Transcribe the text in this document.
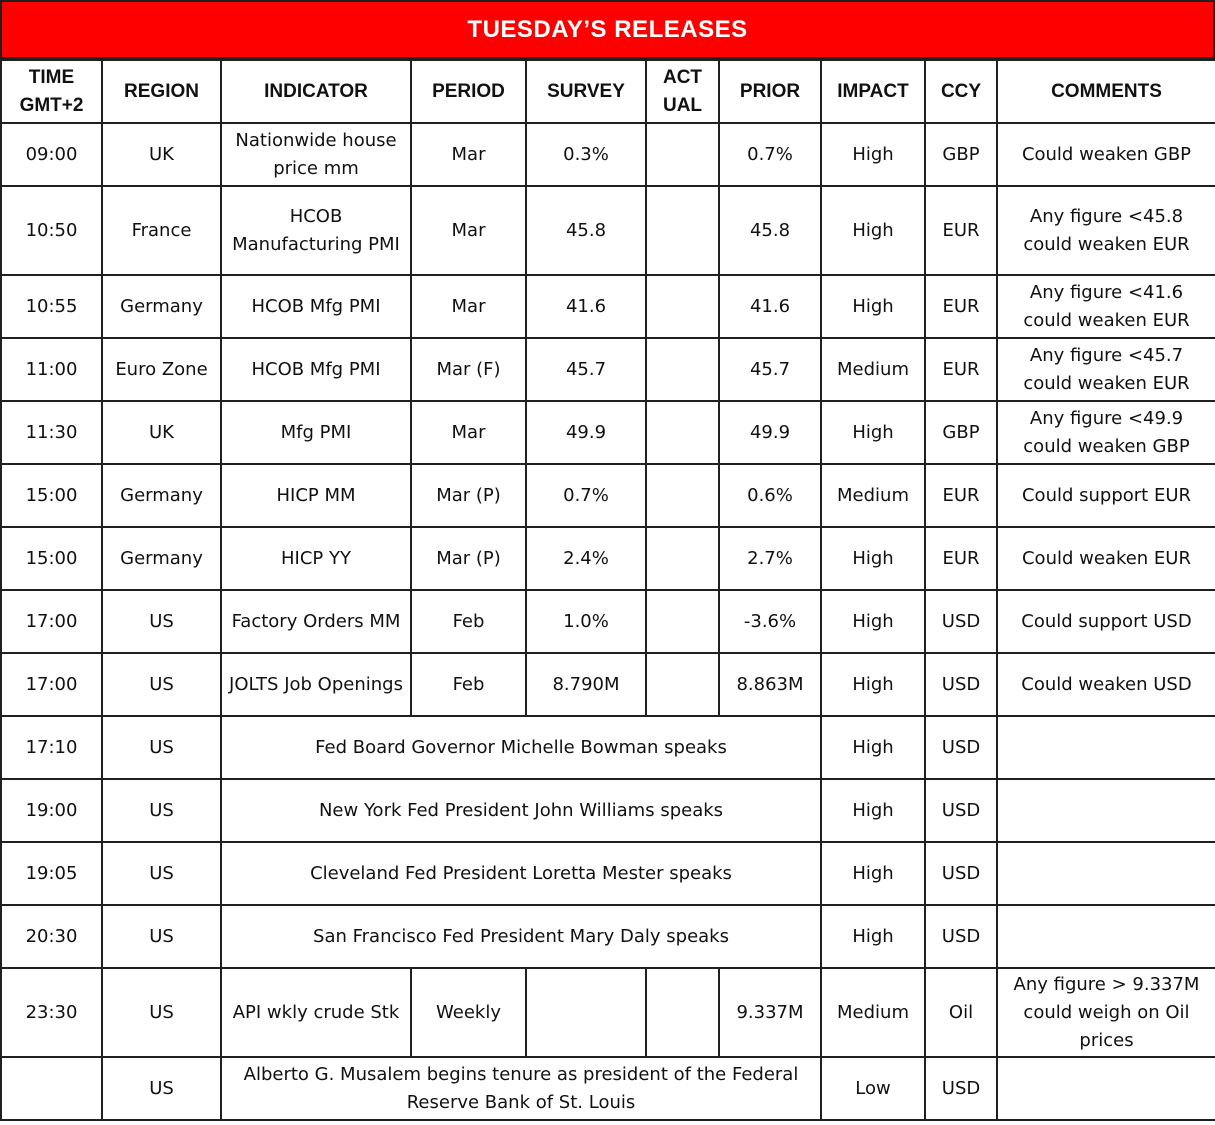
TUESDAY’S RELEASES
TIME GMT+2	REGION	INDICATOR	PERIOD	SURVEY	ACT UAL	PRIOR	IMPACT	CCY	COMMENTS
09:00	UK	Nationwide house price mm	Mar	0.3%		0.7%	High	GBP	Could weaken GBP
10:50	France	HCOB Manufacturing PMI	Mar	45.8		45.8	High	EUR	Any figure <45.8 could weaken EUR
10:55	Germany	HCOB Mfg PMI	Mar	41.6		41.6	High	EUR	Any figure <41.6 could weaken EUR
11:00	Euro Zone	HCOB Mfg PMI	Mar (F)	45.7		45.7	Medium	EUR	Any figure <45.7 could weaken EUR
11:30	UK	Mfg PMI	Mar	49.9		49.9	High	GBP	Any figure <49.9 could weaken GBP
15:00	Germany	HICP MM	Mar (P)	0.7%		0.6%	Medium	EUR	Could support EUR
15:00	Germany	HICP YY	Mar (P)	2.4%		2.7%	High	EUR	Could weaken EUR
17:00	US	Factory Orders MM	Feb	1.0%		-3.6%	High	USD	Could support USD
17:00	US	JOLTS Job Openings	Feb	8.790M		8.863M	High	USD	Could weaken USD
17:10	US	Fed Board Governor Michelle Bowman speaks					High	USD	
19:00	US	New York Fed President John Williams speaks					High	USD	
19:05	US	Cleveland Fed President Loretta Mester speaks					High	USD	
20:30	US	San Francisco Fed President Mary Daly speaks					High	USD	
23:30	US	API wkly crude Stk	Weekly			9.337M	Medium	Oil	Any figure > 9.337M could weigh on Oil prices
	US	Alberto G. Musalem begins tenure as president of the Federal Reserve Bank of St. Louis					Low	USD	
